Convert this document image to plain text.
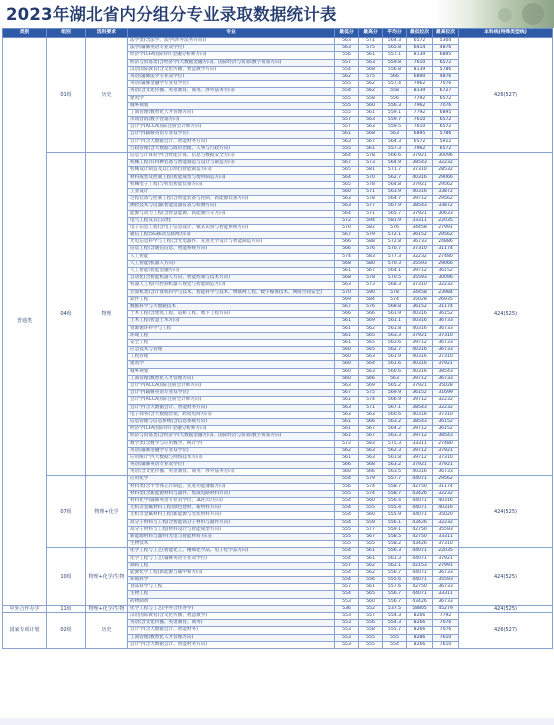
2023年湖北省内分组分专业录取数据统计表
类别	组别	选科要求	专业	最低分	最高分	平均分	最低位次	最高位次	本科线(特殊类型线)
普通类	01组	历史	法学类(含法学、法学(涉外法务方向))	563	571	564.3	6572	5304	426(527)
			法学(辅修英语专业双学位)	563	575	565.8	6414	4876	
			经济学(CFA国际特许金融分析师方向)	556	561	557.1	8139	6895	
			经济与贸易类(含经济学(大数据金融方向)、国际经济与贸易(数字贸易方向)	557	563	559.8	7610	6572	
			汉语国际教育(含文化传播、智慧教学方向)	554	568	556.8	8139	5786	
			英语(辅修法学专业双学位)	562	575	566	6890	4876	
			英语(辅修金融学专业双学位)	555	562	557.4	7962	7076	
			英语(含文化传播、英语教育、商务、涉外法务方向)	554	562	558	8139	6727	
			建筑学	555	558	556	7792	6572	
			城乡规划	555	560	556.3	7962	7076	
			工商管理(数智化人才管理方向)	555	561	559.1	7792	6895	
			市场营销(数字营销方向)	557	563	559.7	7610	6572	
			会计学(ACCA国际注册会计师方向)	557	563	559.5	7610	6572	
			会计学(辅修英语专业双学位)	561	568	563	6895	5786	
			会计学(含大数据会计、智能财务方向)	563	567	564.3	6572	5912	
			行政管理(含大数据与政府治理、人事与行政方向)	555	561	557.3	7962	6572	
	04组	物理	信息与计算科学(含智能计算、信息与数据安全方向)	564	578	566.6	37921	30096	424(525)
			机械工程(有特种装备与智能制造与设计与制造方向)	567	573	564.9	38543	32232	
			机械设计制造及其自动化(智能制造方向)	565	581	571.7	37310	28532	
			材料成型及控制工程(智能成型与增材制造方向)	564	570	562.7	40316	29066	
			机械电子工程(与机电智能装备方向)	565	578	564.8	37921	29562	
			工业设计	560	571	563.9	40316	33872	
			过程装备与控制工程(含智能装备与控制、新能源装备方向)	563	578	564.7	39712	29562	
			测控技术与仪器(智能仪器仪表与检测方向)	563	577	567.9	38543	33872	
			能源与动力工程(含智慧能源、新能源汽车方向)	564	571	565.7	37921	30633	
			电气工程及其自动化	572	594	581.9	33311	22035	
			电子信息工程(含电子信息设计、模式识别与智能系统方向)	570	582	576	34458	27991	
			通信工程(5G移动互联网方向)	567	579	572.1	36152	29562	
			光电信息科学与工程(含光电器件、先进光学设计与智能制造方向)	566	588	572.8	36733	24886	
			信息工程(含通信信息、智能系统方向)	566	576	570.7	37310	31174	
			人工智能	574	583	577.3	32232	27480	
			人工智能(机器人方向)	568	580	570.3	35593	29066	
			人工智能(智能金融方向)	561	567	564.1	39712	36152	
			自动化(含智能机器人方向、智能控制与技术方向)	568	578	570.5	35593	30096	
			机器人工程(可控制机器人视觉与智能制造方向)	563	573	568.3	37310	32232	
			计算机类(含计算机科学与技术、智能科学与技术、物联网工程、数字媒体技术、网络空间安全)	570	590	578	34458	23984	
			软件工程	569	584	574	35028	26935	
			数据科学与大数据技术	567	576	568.8	36152	31174	
			土木工程(含建筑工程、道桥工程、地下工程方向)	566	566	561.9	40316	36152	
			土木工程(智慧土木方向)	561	569	561.1	40316	36733	
			资源循环科学与工程	561	562	561.8	40316	36733	
			环境工程	561	565	563.3	37921	37310	
			安全工程	561	565	563.6	39712	36733	
			应急技术与管理	560	565	562.7	40316	36733	
			工程管理	560	563	561.9	40316	37310	
			建筑学	560	564	561.6	40316	37921	
			城乡规划	560	563	560.6	40316	38543	
			工商管理(数智化人才管理方向)	560	566	563	39712	36733	
			会计学(ACCA国际注册会计师方向)	563	569	565.2	37921	35028	
			会计学(辅修英语专业双学位)	567	575	569.9	36152	31699	
			会计学(ACCA国际注册会计师方向)	561	574	566.9	39712	32232	
			会计学(含大数据会计、智能财务方向)	563	571	567.1	38543	32232	
			电子商务(含大数据营销、跨境电商方向)	563	563	560.6	40316	37310	
			信息管理与信息系统(含信息系统方向)	561	566	563.2	38543	36152	
			经济学(CFA国际特许金融分析师方向)	561	567	564.2	39712	36152	
			经济与贸易类(含经济学(大数据金融方向)、国际经济与贸易(数字贸易方向)	561	567	563.3	39712	38543	
			数学类(含数学与应用数学、统计学)	572	583	575.3	33311	27480	
			英语(辅修金融学专业双学位)	562	563	562.3	39712	37921	
			应用统计学(大数据与网络技术方向)	561	563	561.8	39712	37310	
			英语(辅修英语专业双学位)	566	568	563.2	37921	37921	
			英语(含文化传播、英语教育、商务、涉外法务方向)	560	566	563.5	40316	36733	
	07组	物理+化学	应用化学	554	579	557.7	44071	29562	424(525)
			材料类(含半导体芯片制造、先进功能薄膜方向)	556	574	558.7	42750	31174	
			材料类(含新能源材料与器件、集成电路材料方向)	555	574	558.7	43426	32232	
			材料化学(辅修英语专业双学位、3D打印方向)	554	560	556.4	44071	40316	
			无机非金属材料工程(绿色建材、新材料方向)	554	555	555.4	44071	40316	
			无机非金属材料工程(新能源与光伏材料方向)	554	560	555.9	44071	35020	
			高分子材料与工程(含智能高分子材料与器件方向)	554	559	556.1	43426	32232	
			高分子材料与工程(材料设计与智能成型方向)	555	577	559.1	42750	35593	
			新能源材料与器件(光电与智能材料方向)	555	567	558.5	42750	33311	
			生物技术	555	555	558.2	43426	37310	
	10组	物理+化学/生物	化学工程与工艺(智能化工、精细化学品、电子化学品方向)	554	561	556.3	44071	22035	424(525)
			化学工程与工艺(辅修英语专业双学位)	554	561	561.3	44071	37921	
			制药工程	557	562	562.1	42153	27991	
			能源化学工程(新能源与碳中和方向)	554	562	556.7	44071	36733	
			环境科学	554	556	555.6	44071	35593	
			食品科学与工程	557	561	557.6	42750	36733	
			生物工程	554	565	556.7	44071	33311	
			药物制剂	553	560	556.7	43426	36733	
中外合作办学	11组	物理+化学/生物	化学工程与工艺(中外合作办学)	536	552	537.5	58805	45279	424(525)
国家专项计划	02组	历史	汉语国际教育(含文化传播、智慧教学)	553	557	554.3	8266	7792	426(527)
			英语(含文化传播、英语教育、商务)	553	556	554.3	8266	7076	
			会计学(含大数据会计、智能财务)	553	558	555.7	8266	7076	
			工商管理(数智化人才管理方向)	553	555	555	8286	7610	
			会计学(含大数据会计、智能财务方向)	553	555	554	8266	7610	
